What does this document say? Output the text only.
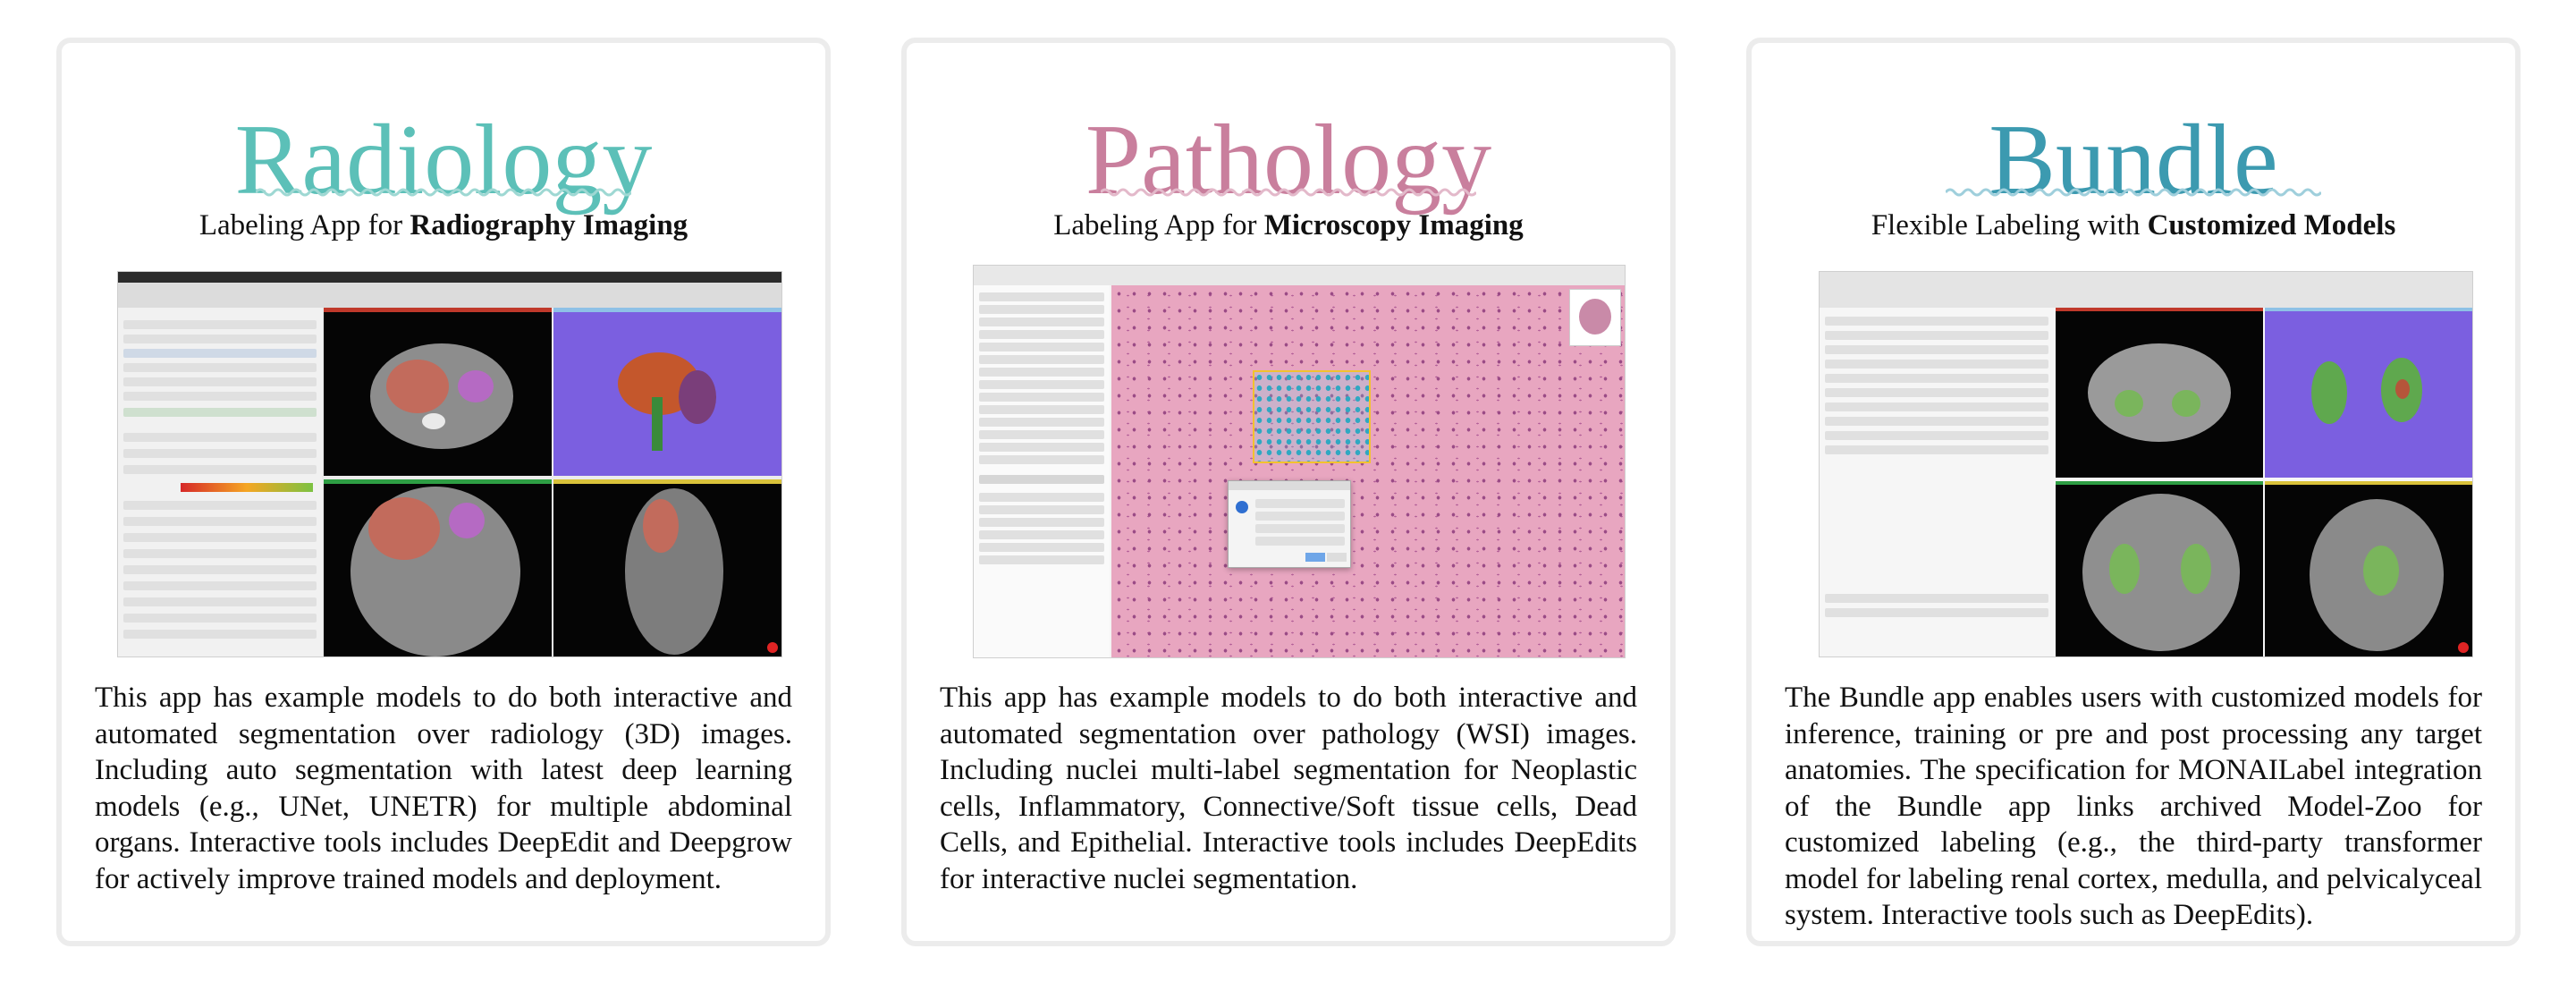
Radiology
Labeling App for Radiography Imaging
This app has example models to do both interactive and automated segmentation over radiology (3D) images. Including auto segmentation with latest deep learning models (e.g., UNet, UNETR) for multiple abdominal organs. Interactive tools includes DeepEdit and Deepgrow for actively improve trained models and deployment.
Pathology
Labeling App for Microscopy Imaging
This app has example models to do both interactive and automated segmentation over pathology (WSI) images. Including nuclei multi-label segmentation for Neoplastic cells, Inflammatory, Connective/Soft tissue cells, Dead Cells, and Epithelial. Interactive tools includes DeepEdits for interactive nuclei segmentation.
Bundle
Flexible Labeling with Customized Models
The Bundle app enables users with customized models for inference, training or pre and post processing any target anatomies. The specification for MONAILabel integration of the Bundle app links archived Model-Zoo for customized labeling (e.g., the third-party transformer model for labeling renal cortex, medulla, and pelvicalyceal system. Interactive tools such as DeepEdits).
